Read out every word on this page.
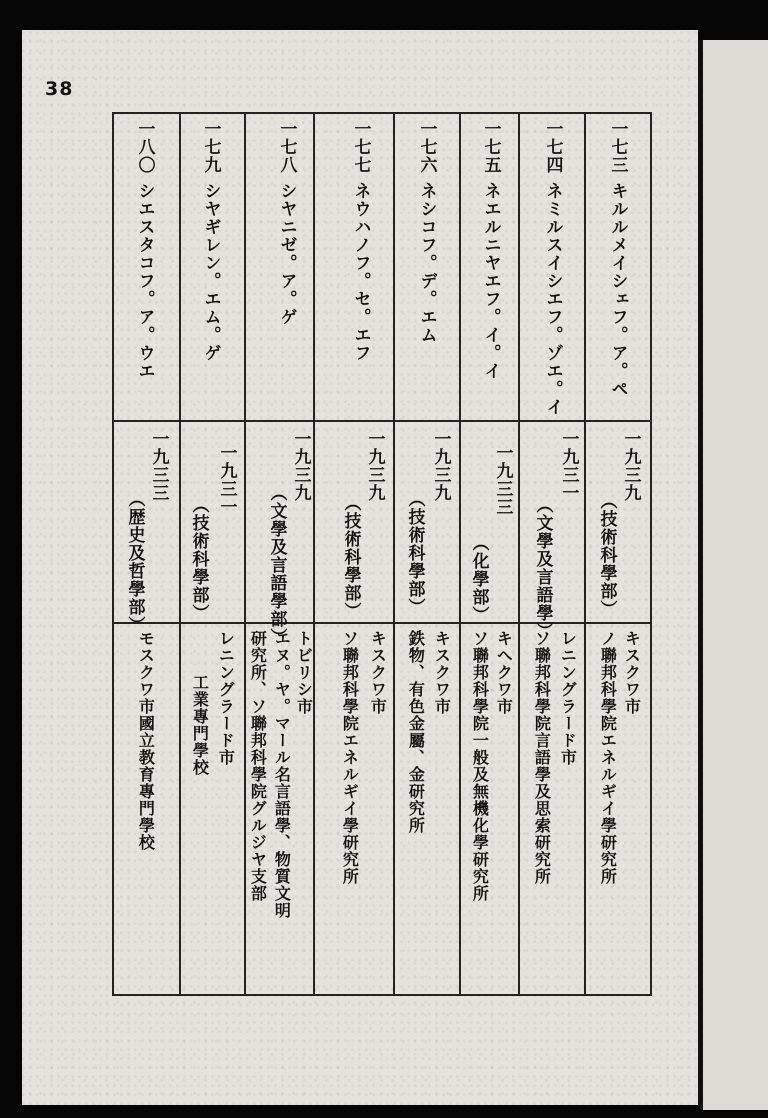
38
一七三
キルルメイシェフ。ア。ペ
一九三九
（技術科學部）
キスクワ市
ノ聯邦科學院エネルギイ學研究所
一七四
ネミルスイシエフ。ゾエ。イ
一九三一
（文學及言語學）
レニングラード市
ソ聯邦科學院言語學及思索研究所
一七五
ネエルニヤエフ。イ。イ
一九三三
（化學部）
キへクワ市
ソ聯邦科學院一般及無機化學研究所
一七六
ネシコフ。デ。エム
一九三九
（技術科學部）
キスクワ市
鉄物、有色金屬、金研究所
一七七
ネウハノフ。セ。エフ
一九三九
（技術科學部）
キスクワ市
ソ聯邦科學院エネルギイ學研究所
一七八
シヤニゼ。ア。ゲ
一九三九
（文學及言語學部）
トビリシ市
エヌ。ヤ。マール名言語學、物質文明
研究所、ソ聯邦科學院グルジヤ支部
一七九
シヤギレン。エム。ゲ
一九三一
（技術科學部）
レニングラード市
工業專門學校
一八〇
シエスタコフ。ア。ウエ
一九三三
（歴史及哲學部）
モスクワ市國立教育專門學校
